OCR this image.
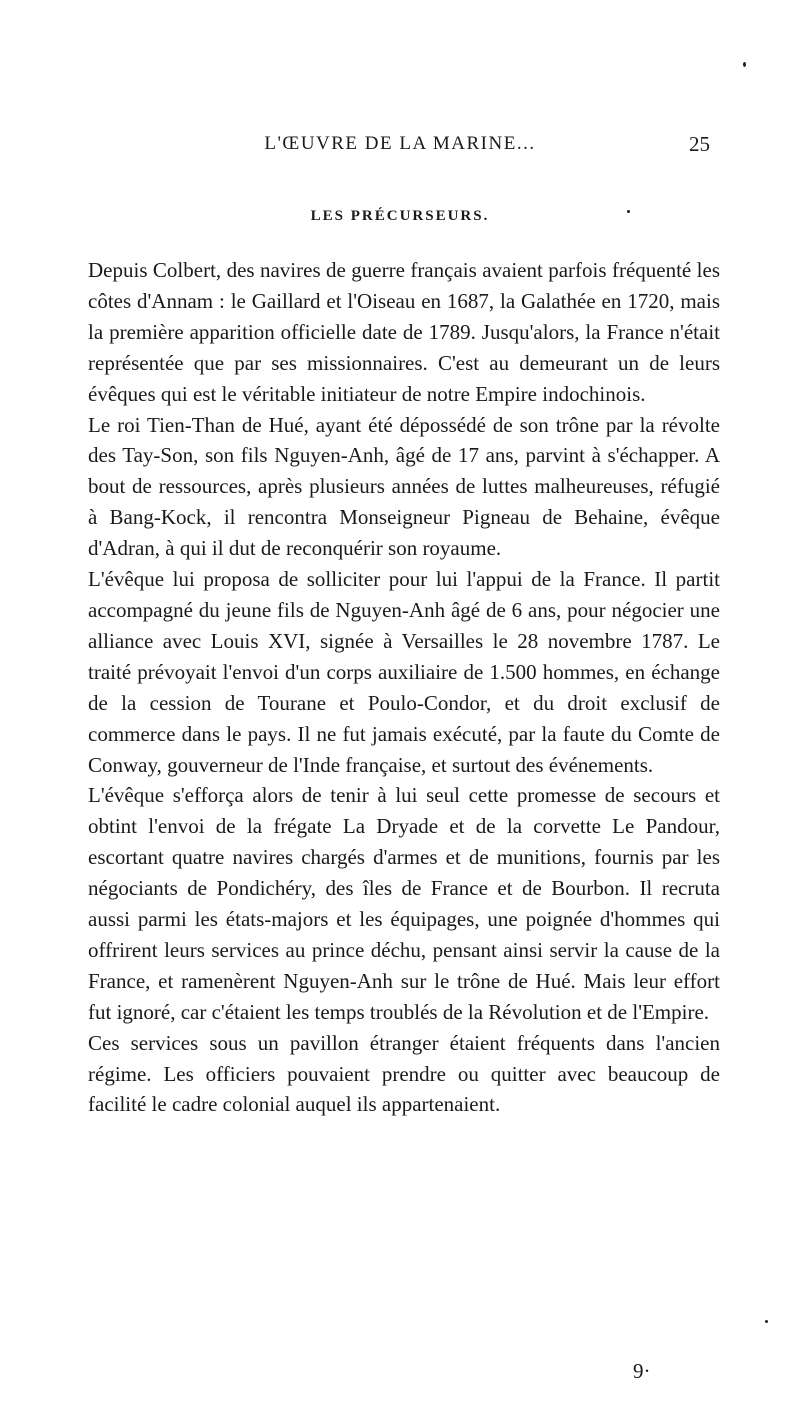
L'ŒUVRE DE LA MARINE...	25
LES PRÉCURSEURS.

Depuis Colbert, des navires de guerre français avaient parfois fréquenté les côtes d'Annam : le Gaillard et l'Oiseau en 1687, la Galathée en 1720, mais la première apparition officielle date de 1789. Jusqu'alors, la France n'était représentée que par ses missionnaires. C'est au demeurant un de leurs évêques qui est le véritable initiateur de notre Empire indochinois.

Le roi Tien-Than de Hué, ayant été dépossédé de son trône par la révolte des Tay-Son, son fils Nguyen-Anh, âgé de 17 ans, parvint à s'échapper. A bout de ressources, après plusieurs années de luttes malheureuses, réfugié à Bang-Kock, il rencontra Monseigneur Pigneau de Behaine, évêque d'Adran, à qui il dut de reconquérir son royaume.

L'évêque lui proposa de solliciter pour lui l'appui de la France. Il partit accompagné du jeune fils de Nguyen-Anh âgé de 6 ans, pour négocier une alliance avec Louis XVI, signée à Versailles le 28 novembre 1787. Le traité prévoyait l'envoi d'un corps auxiliaire de 1.500 hommes, en échange de la cession de Tourane et Poulo-Condor, et du droit exclusif de commerce dans le pays. Il ne fut jamais exécuté, par la faute du Comte de Conway, gouverneur de l'Inde française, et surtout des événements.

L'évêque s'efforça alors de tenir à lui seul cette promesse de secours et obtint l'envoi de la frégate La Dryade et de la corvette Le Pandour, escortant quatre navires chargés d'armes et de munitions, fournis par les négociants de Pondichéry, des îles de France et de Bourbon. Il recruta aussi parmi les états-majors et les équipages, une poignée d'hommes qui offrirent leurs services au prince déchu, pensant ainsi servir la cause de la France, et ramenèrent Nguyen-Anh sur le trône de Hué. Mais leur effort fut ignoré, car c'étaient les temps troublés de la Révolution et de l'Empire.

Ces services sous un pavillon étranger étaient fréquents dans l'ancien régime. Les officiers pouvaient prendre ou quitter avec beaucoup de facilité le cadre colonial auquel ils appartenaient.

9·
